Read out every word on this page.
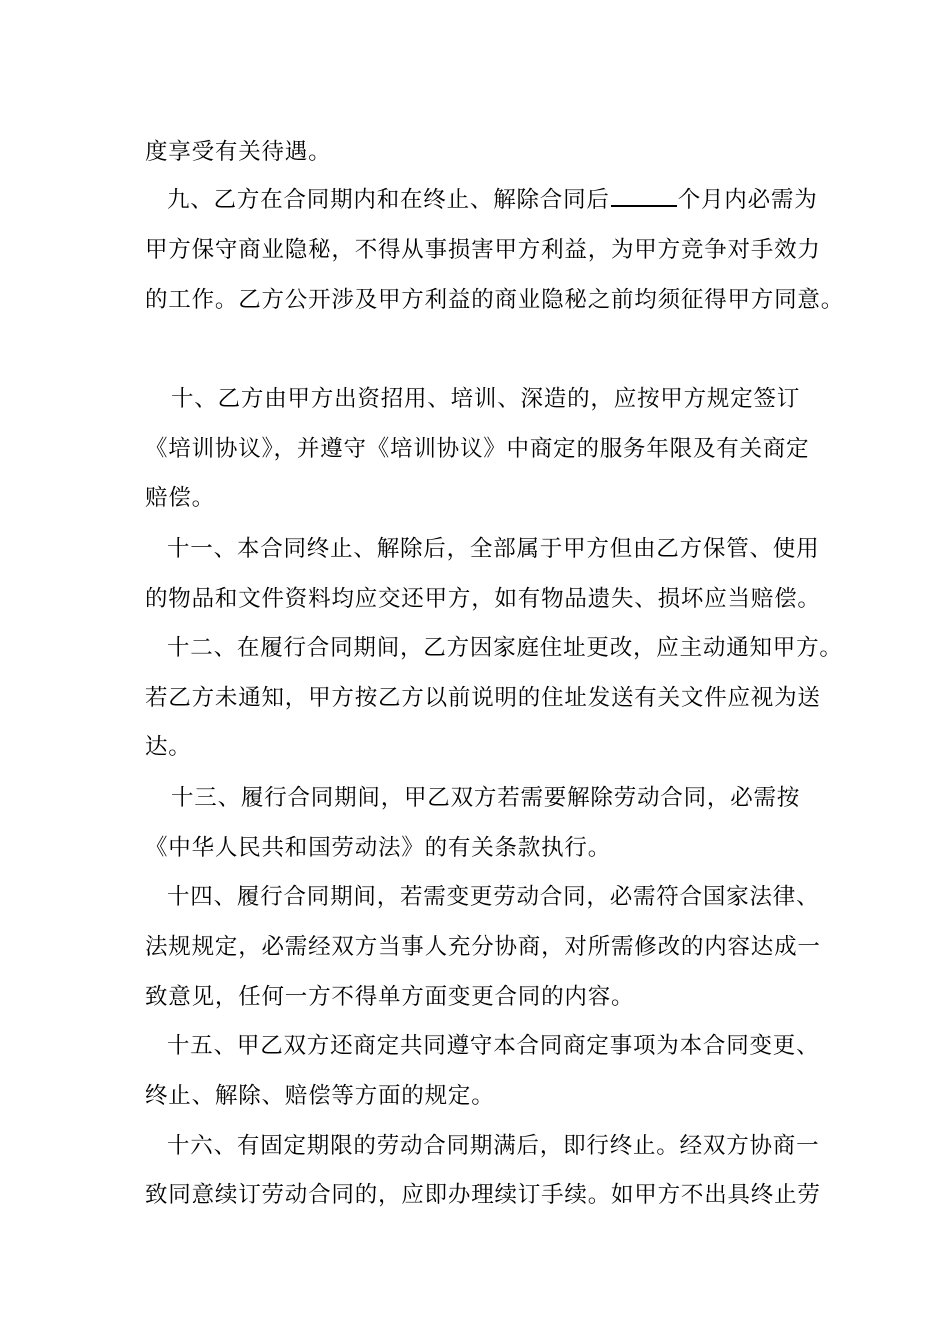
度享受有关待遇。
九、乙方在合同期内和在终止、解除合同后	个月内必需为
甲方保守商业隐秘，不得从事损害甲方利益，为甲方竞争对手效力
的工作。乙方公开涉及甲方利益的商业隐秘之前均须征得甲方同意。
十、乙方由甲方出资招用、培训、深造的，应按甲方规定签订
《培训协议》，并遵守《培训协议》中商定的服务年限及有关商定
赔偿。
十一、本合同终止、解除后，全部属于甲方但由乙方保管、使用
的物品和文件资料均应交还甲方，如有物品遗失、损坏应当赔偿。
十二、在履行合同期间，乙方因家庭住址更改，应主动通知甲方。
若乙方未通知，甲方按乙方以前说明的住址发送有关文件应视为送
达。
十三、履行合同期间，甲乙双方若需要解除劳动合同，必需按
《中华人民共和国劳动法》的有关条款执行。
十四、履行合同期间，若需变更劳动合同，必需符合国家法律、
法规规定，必需经双方当事人充分协商，对所需修改的内容达成一
致意见，任何一方不得单方面变更合同的内容。
十五、甲乙双方还商定共同遵守本合同商定事项为本合同变更、
终止、解除、赔偿等方面的规定。
十六、有固定期限的劳动合同期满后，即行终止。经双方协商一
致同意续订劳动合同的，应即办理续订手续。如甲方不出具终止劳
